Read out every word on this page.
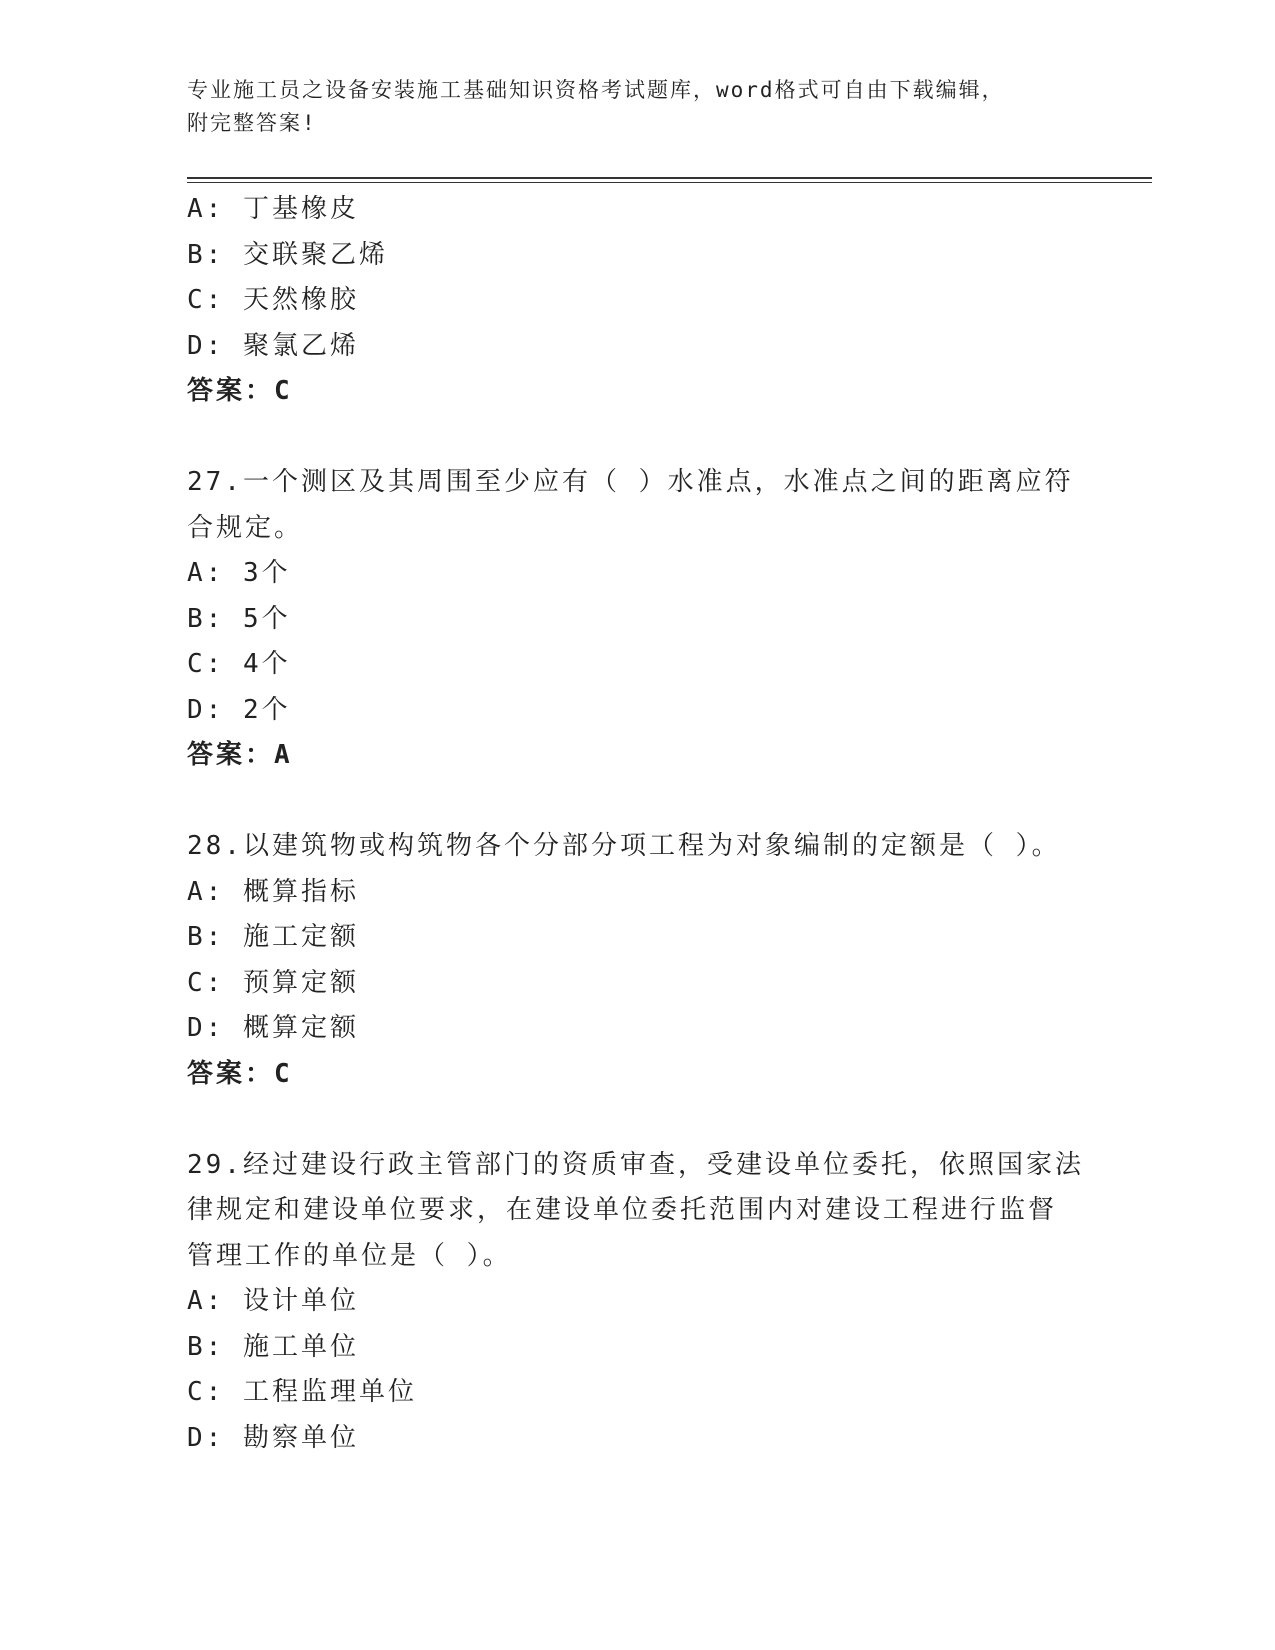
专业施工员之设备安装施工基础知识资格考试题库，word格式可自由下载编辑，
附完整答案!
A: 丁基橡皮
B: 交联聚乙烯
C: 天然橡胶
D: 聚氯乙烯
答案：C
27.一个测区及其周围至少应有（ ）水准点，水准点之间的距离应符
合规定。
A: 3个
B: 5个
C: 4个
D: 2个
答案：A
28.以建筑物或构筑物各个分部分项工程为对象编制的定额是（ ）。
A: 概算指标
B: 施工定额
C: 预算定额
D: 概算定额
答案：C
29.经过建设行政主管部门的资质审查，受建设单位委托，依照国家法
律规定和建设单位要求，在建设单位委托范围内对建设工程进行监督
管理工作的单位是（ ）。
A: 设计单位
B: 施工单位
C: 工程监理单位
D: 勘察单位
